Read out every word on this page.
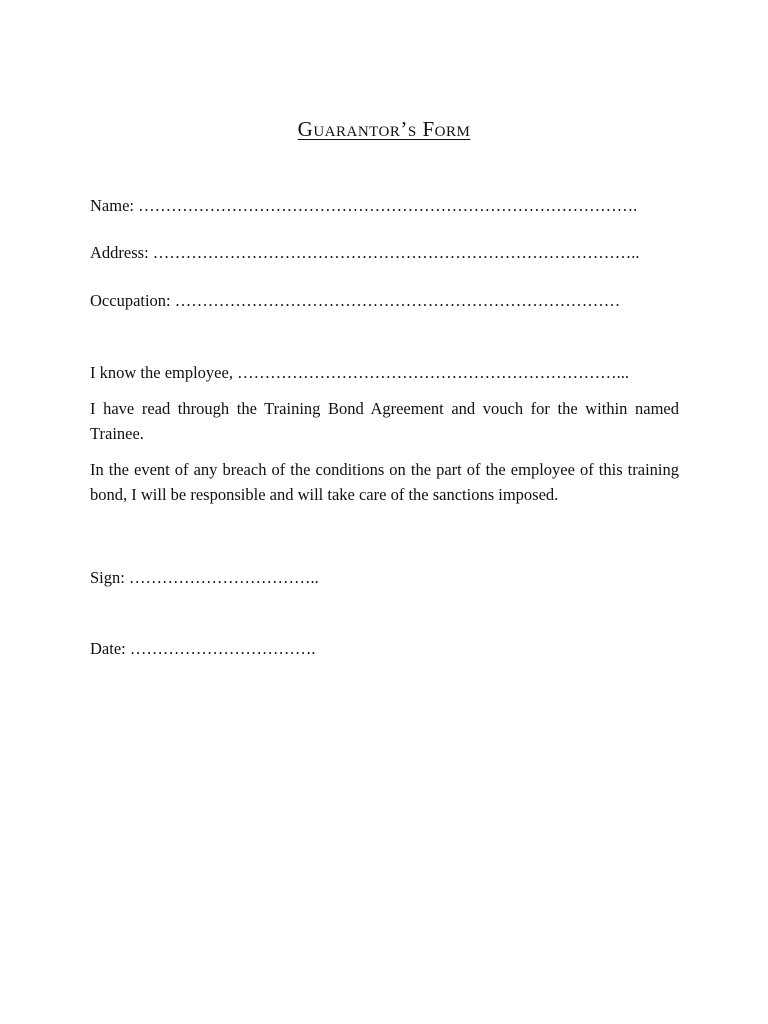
Guarantor’s Form
Name: ……………………………………………………………………………….
Address: ……………………………………………………………………………..
Occupation: ………………………………………………………………………
I know the employee, ……………………………………………………………...
I have read through the Training Bond Agreement and vouch for the within named Trainee.
In the event of any breach of the conditions on the part of the employee of this training bond, I will be responsible and will take care of the sanctions imposed.
Sign: ……………………………..
Date: …………………………….
